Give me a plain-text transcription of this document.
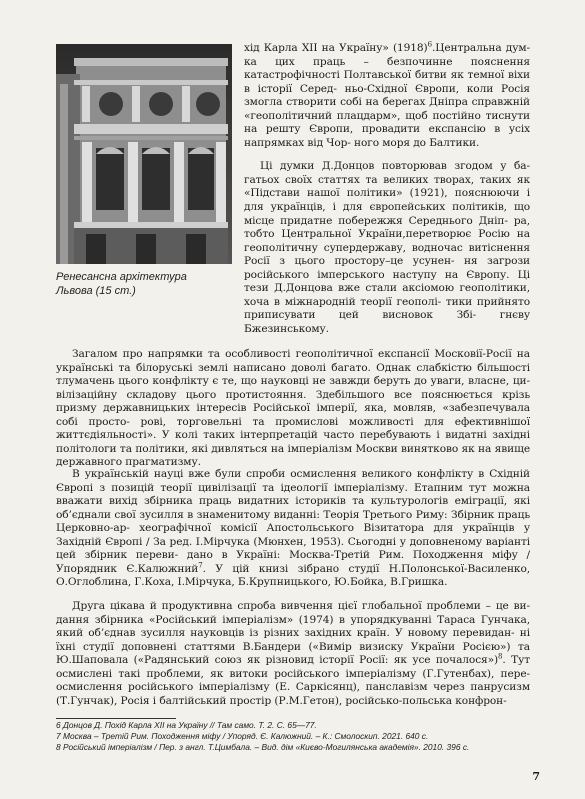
Ренесансна архітектура
Львова (15 ст.)

хід Карла ХІІ на Україну» $(1918)^6.Центральна$ дум- ка цих праць – безпочинне пояснення катастрофічності Полтавської битви як темної віхи в історії Серед- ньо-Східної Європи, коли Росія змогла створити собі на берегах Дніпра справжній «геополітичний плацдарм», щоб постійно тиснути на решту Європи, провадити експансію в усіх напрямках від Чор- ного моря до Балтики.

Ці думки Д.Донцов повторював згодом у ба- гатьох своїх статтях та великих творах, таких як «Підстави нашої політики» (1921), пояснюючи і для українців, і для європейських політиків, що місце придатне побережжя Середнього Дніп- ра, тобто Центральної України,перетворює Росію на геополітичну супердержаву, водночас витіснення Росії з цього простору–це усунен- ня загрози російського імперського наступу на Європу. Ці тези Д.Донцова вже стали аксіомою геополітики, хоча в міжнародній теорії геополі- тики прийнято приписувати цей висновок Збі- гнєву Бжезинському.

Загалом про напрямки та особливості геополітичної експансії Московії-Росії на українські та білоруські землі написано доволі багато. Однак слабкістю більшості тлумачень цього конфлікту є те, що науковці не завжди беруть до уваги, власне, ци- вілізаційну складову цього протистояння. Здебільшого все пояснюється крізь призму державницьких інтересів Російської імперії, яка, мовляв, «забезпечувала собі просто- рові, торговельні та промислові можливості для ефективнішої життєдіяльності». У колі таких інтерпретацій часто перебувають і видатні західні політологи та політики, які дивляться на імперіалізм Москви винятково як на явище державного прагматизму.

В українській науці вже були спроби осмислення великого конфлікту в Східній Європі з позицій теорії цивілізації та ідеології імперіалізму. Етапним тут можна вважати вихід збірника праць видатних істориків та культурологів еміграції, які об’єднали свої зусилля в знаменитому виданні: Теорія Третього Риму: Збірник праць Церковно-ар- хеографічної комісії Апостольського Візитатора для українців у Західній Європі / За ред. І.Мірчука (Мюнхен, 1953). Сьогодні у доповненому варіанті цей збірник переви- дано в Україні: Москва-Третій Рим. Походження міфу / Упорядник Є.Калюжний$^7$. У цій книзі зібрано студії Н.Полонської-Василенко, О.Оглоблина, Г.Коха, І.Мірчука, Б.Крупницького, Ю.Бойка, В.Гришка.

Друга цікава й продуктивна спроба вивчення цієї глобальної проблеми – це ви- дання збірника «Російський імперіалізм» (1974) в упорядкуванні Тараса Гунчака, який об’єднав зусилля науковців із різних західних країн. У новому перевидан- ні їхні студії доповнені статтями В.Бандери («Вимір визиску України Росією») та Ю.Шаповала («Радянський союз як різновид історії Росії: як усе почалося»)$^8$. Тут осмислені такі проблеми, як витоки російського імперіалізму (Г.Гутенбах), пере- осмислення російського імперіалізму (Е. Саркісянц), панславізм через панрусизм (Т.Гунчак), Росія і балтійський простір (Р.М.Гетон), російсько-польська конфрон-

6 Донцов Д. Похід Карла ХІІ на Україну // Там само. Т. 2. С. 65—77.
7 Москва – Третій Рим. Походження міфу / Упоряд. Є. Калюжний. – К.: Смолоскип. 2021. 640 с.
8 Російський імперіалізм / Пер. з англ. Т.Цимбала. – Вид. дім «Києво-Могилянська академія». 2010. 396 с.
7
